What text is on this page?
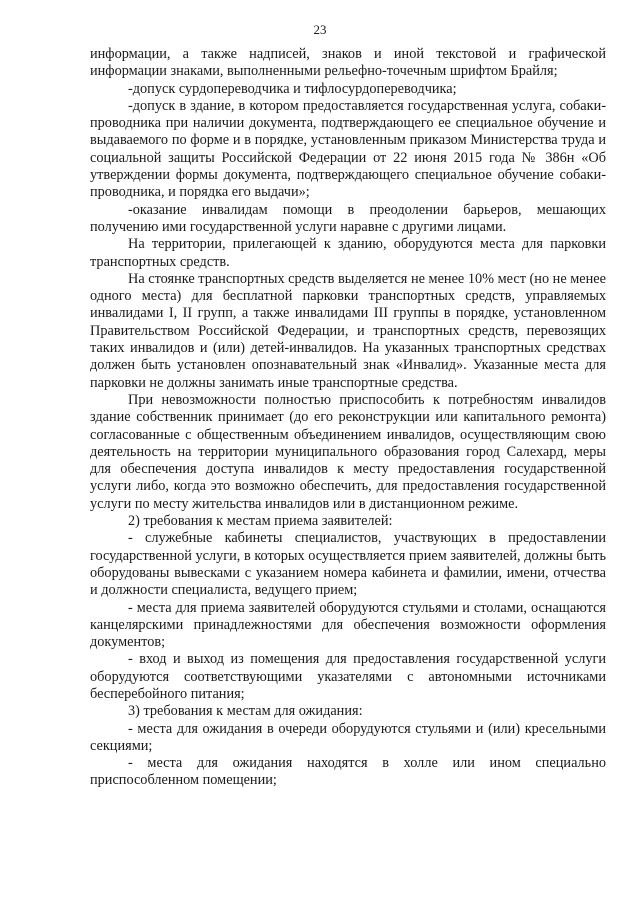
23

информации, а также надписей, знаков и иной текстовой и графической информации знаками, выполненными рельефно-точечным шрифтом Брайля;

-допуск сурдопереводчика и тифлосурдопереводчика;

-допуск в здание, в котором предоставляется государственная услуга, собаки-проводника при наличии документа, подтверждающего ее специальное обучение и выдаваемого по форме и в порядке, установленным приказом Министерства труда и социальной защиты Российской Федерации от 22 июня 2015 года № 386н «Об утверждении формы документа, подтверждающего специальное обучение собаки-проводника, и порядка его выдачи»;

-оказание инвалидам помощи в преодолении барьеров, мешающих получению ими государственной услуги наравне с другими лицами.

На территории, прилегающей к зданию, оборудуются места для парковки транспортных средств.

На стоянке транспортных средств выделяется не менее 10% мест (но не менее одного места) для бесплатной парковки транспортных средств, управляемых инвалидами I, II групп, а также инвалидами III группы в порядке, установленном Правительством Российской Федерации, и транспортных средств, перевозящих таких инвалидов и (или) детей-инвалидов. На указанных транспортных средствах должен быть установлен опознавательный знак «Инвалид». Указанные места для парковки не должны занимать иные транспортные средства.

При невозможности полностью приспособить к потребностям инвалидов здание собственник принимает (до его реконструкции или капитального ремонта) согласованные с общественным объединением инвалидов, осуществляющим свою деятельность на территории муниципального образования город Салехард, меры для обеспечения доступа инвалидов к месту предоставления государственной услуги либо, когда это возможно обеспечить, для предоставления государственной услуги по месту жительства инвалидов или в дистанционном режиме.

2) требования к местам приема заявителей:

- служебные кабинеты специалистов, участвующих в предоставлении государственной услуги, в которых осуществляется прием заявителей, должны быть оборудованы вывесками с указанием номера кабинета и фамилии, имени, отчества и должности специалиста, ведущего прием;

- места для приема заявителей оборудуются стульями и столами, оснащаются канцелярскими принадлежностями для обеспечения возможности оформления документов;

- вход и выход из помещения для предоставления государственной услуги оборудуются соответствующими указателями с автономными источниками бесперебойного питания;

3) требования к местам для ожидания:

- места для ожидания в очереди оборудуются стульями и (или) кресельными секциями;

- места для ожидания находятся в холле или ином специально приспособленном помещении;
